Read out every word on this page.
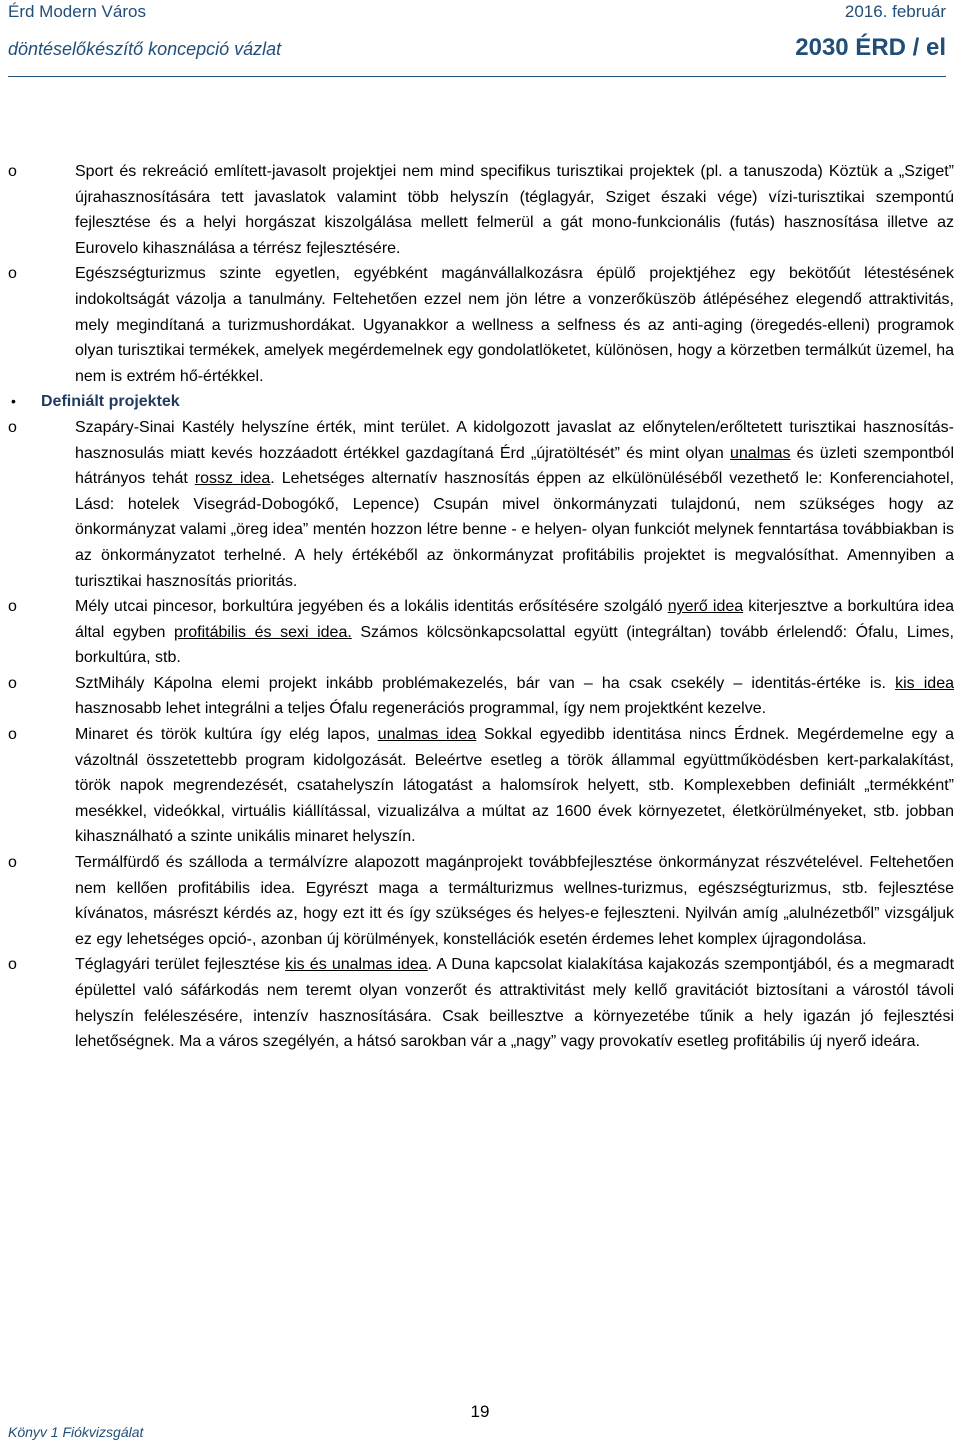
Érd Modern Város	2016. február
döntéselőkészítő koncepció vázlat	2030 ÉRD / el
o	Sport és rekreáció említett-javasolt projektjei nem mind specifikus turisztikai projektek (pl. a tanuszoda) Köztük a „Sziget” újrahasznosítására tett javaslatok valamint több helyszín (téglagyár, Sziget északi vége) vízi-turisztikai szempontú fejlesztése és a helyi horgászat kiszolgálása mellett felmerül a gát mono-funkcionális (futás) hasznosítása illetve az Eurovelo kihasználása a térrész fejlesztésére.
o	Egészségturizmus szinte egyetlen, egyébként magánvállalkozásra épülő projektjéhez egy bekötőút létestésének indokoltságát vázolja a tanulmány. Feltehetően ezzel nem jön létre a vonzerőküszöb átlépéséhez elegendő attraktivitás, mely megindítaná a turizmushordákat. Ugyanakkor a wellness a selfness és az anti-aging (öregedés-elleni) programok olyan turisztikai termékek, amelyek megérdemelnek egy gondolatlöketet, különösen, hogy a körzetben termálkút üzemel, ha nem is extrém hő-értékkel.
• Definiált projektek
o	Szapáry-Sinai Kastély helyszíne érték, mint terület. A kidolgozott javaslat az előnytelen/erőltetett turisztikai hasznosítás-hasznosulás miatt kevés hozzáadott értékkel gazdagítaná Érd „újratöltését” és mint olyan unalmas és üzleti szempontból hátrányos tehát rossz idea. Lehetséges alternatív hasznosítás éppen az elkülönüléséből vezethető le: Konferenciahotel, Lásd: hotelek Visegrád-Dobogókő, Lepence) Csupán mivel önkormányzati tulajdonú, nem szükséges hogy az önkormányzat valami „öreg idea” mentén hozzon létre benne - e helyen- olyan funkciót melynek fenntartása továbbiakban is az önkormányzatot terhelné. A hely értékéből az önkormányzat profitábilis projektet is megvalósíthat. Amennyiben a turisztikai hasznosítás prioritás.
o	Mély utcai pincesor, borkultúra jegyében és a lokális identitás erősítésére szolgáló nyerő idea kiterjesztve a borkultúra idea által egyben profitábilis és sexi idea. Számos kölcsönkapcsolattal együtt (integráltan) tovább érlelendő: Ófalu, Limes, borkultúra, stb.
o	SztMihály Kápolna elemi projekt inkább problémakezelés, bár van – ha csak csekély – identitás-értéke is. kis idea hasznosabb lehet integrálni a teljes Ófalu regenerációs programmal, így nem projektként kezelve.
o	Minaret és török kultúra így elég lapos, unalmas idea Sokkal egyedibb identitása nincs Érdnek. Megérdemelne egy a vázoltnál összetettebb program kidolgozását. Beleértve esetleg a török állammal együttműködésben kert-parkalakítást, török napok megrendezését, csatahelyszín látogatást a halomsírok helyett, stb. Komplexebben definiált „termékként” mesékkel, videókkal, virtuális kiállítással, vizualizálva a múltat az 1600 évek környezetet, életkörülményeket, stb. jobban kihasználható a szinte unikális minaret helyszín.
o	Termálfürdő és szálloda a termálvízre alapozott magánprojekt továbbfejlesztése önkormányzat részvételével. Feltehetően nem kellően profitábilis idea. Egyrészt maga a termálturizmus wellnes-turizmus, egészségturizmus, stb. fejlesztése kívánatos, másrészt kérdés az, hogy ezt itt és így szükséges és helyes-e fejleszteni. Nyilván amíg „alulnézetből” vizsgáljuk ez egy lehetséges opció-, azonban új körülmények, konstellációk esetén érdemes lehet komplex újragondolása.
o	Téglagyári terület fejlesztése kis és unalmas idea. A Duna kapcsolat kialakítása kajakozás szempontjából, és a megmaradt épülettel való sáfárkodás nem teremt olyan vonzerőt és attraktivitást mely kellő gravitációt biztosítani a várostól távoli helyszín feléleszésére, intenzív hasznosítására. Csak beillesztve a környezetébe tűnik a hely igazán jó fejlesztési lehetőségnek. Ma a város szegélyén, a hátsó sarokban vár a „nagy” vagy provokatív esetleg profitábilis új nyerő ideára.
19
Könyv 1 Fiókvizsgálat
